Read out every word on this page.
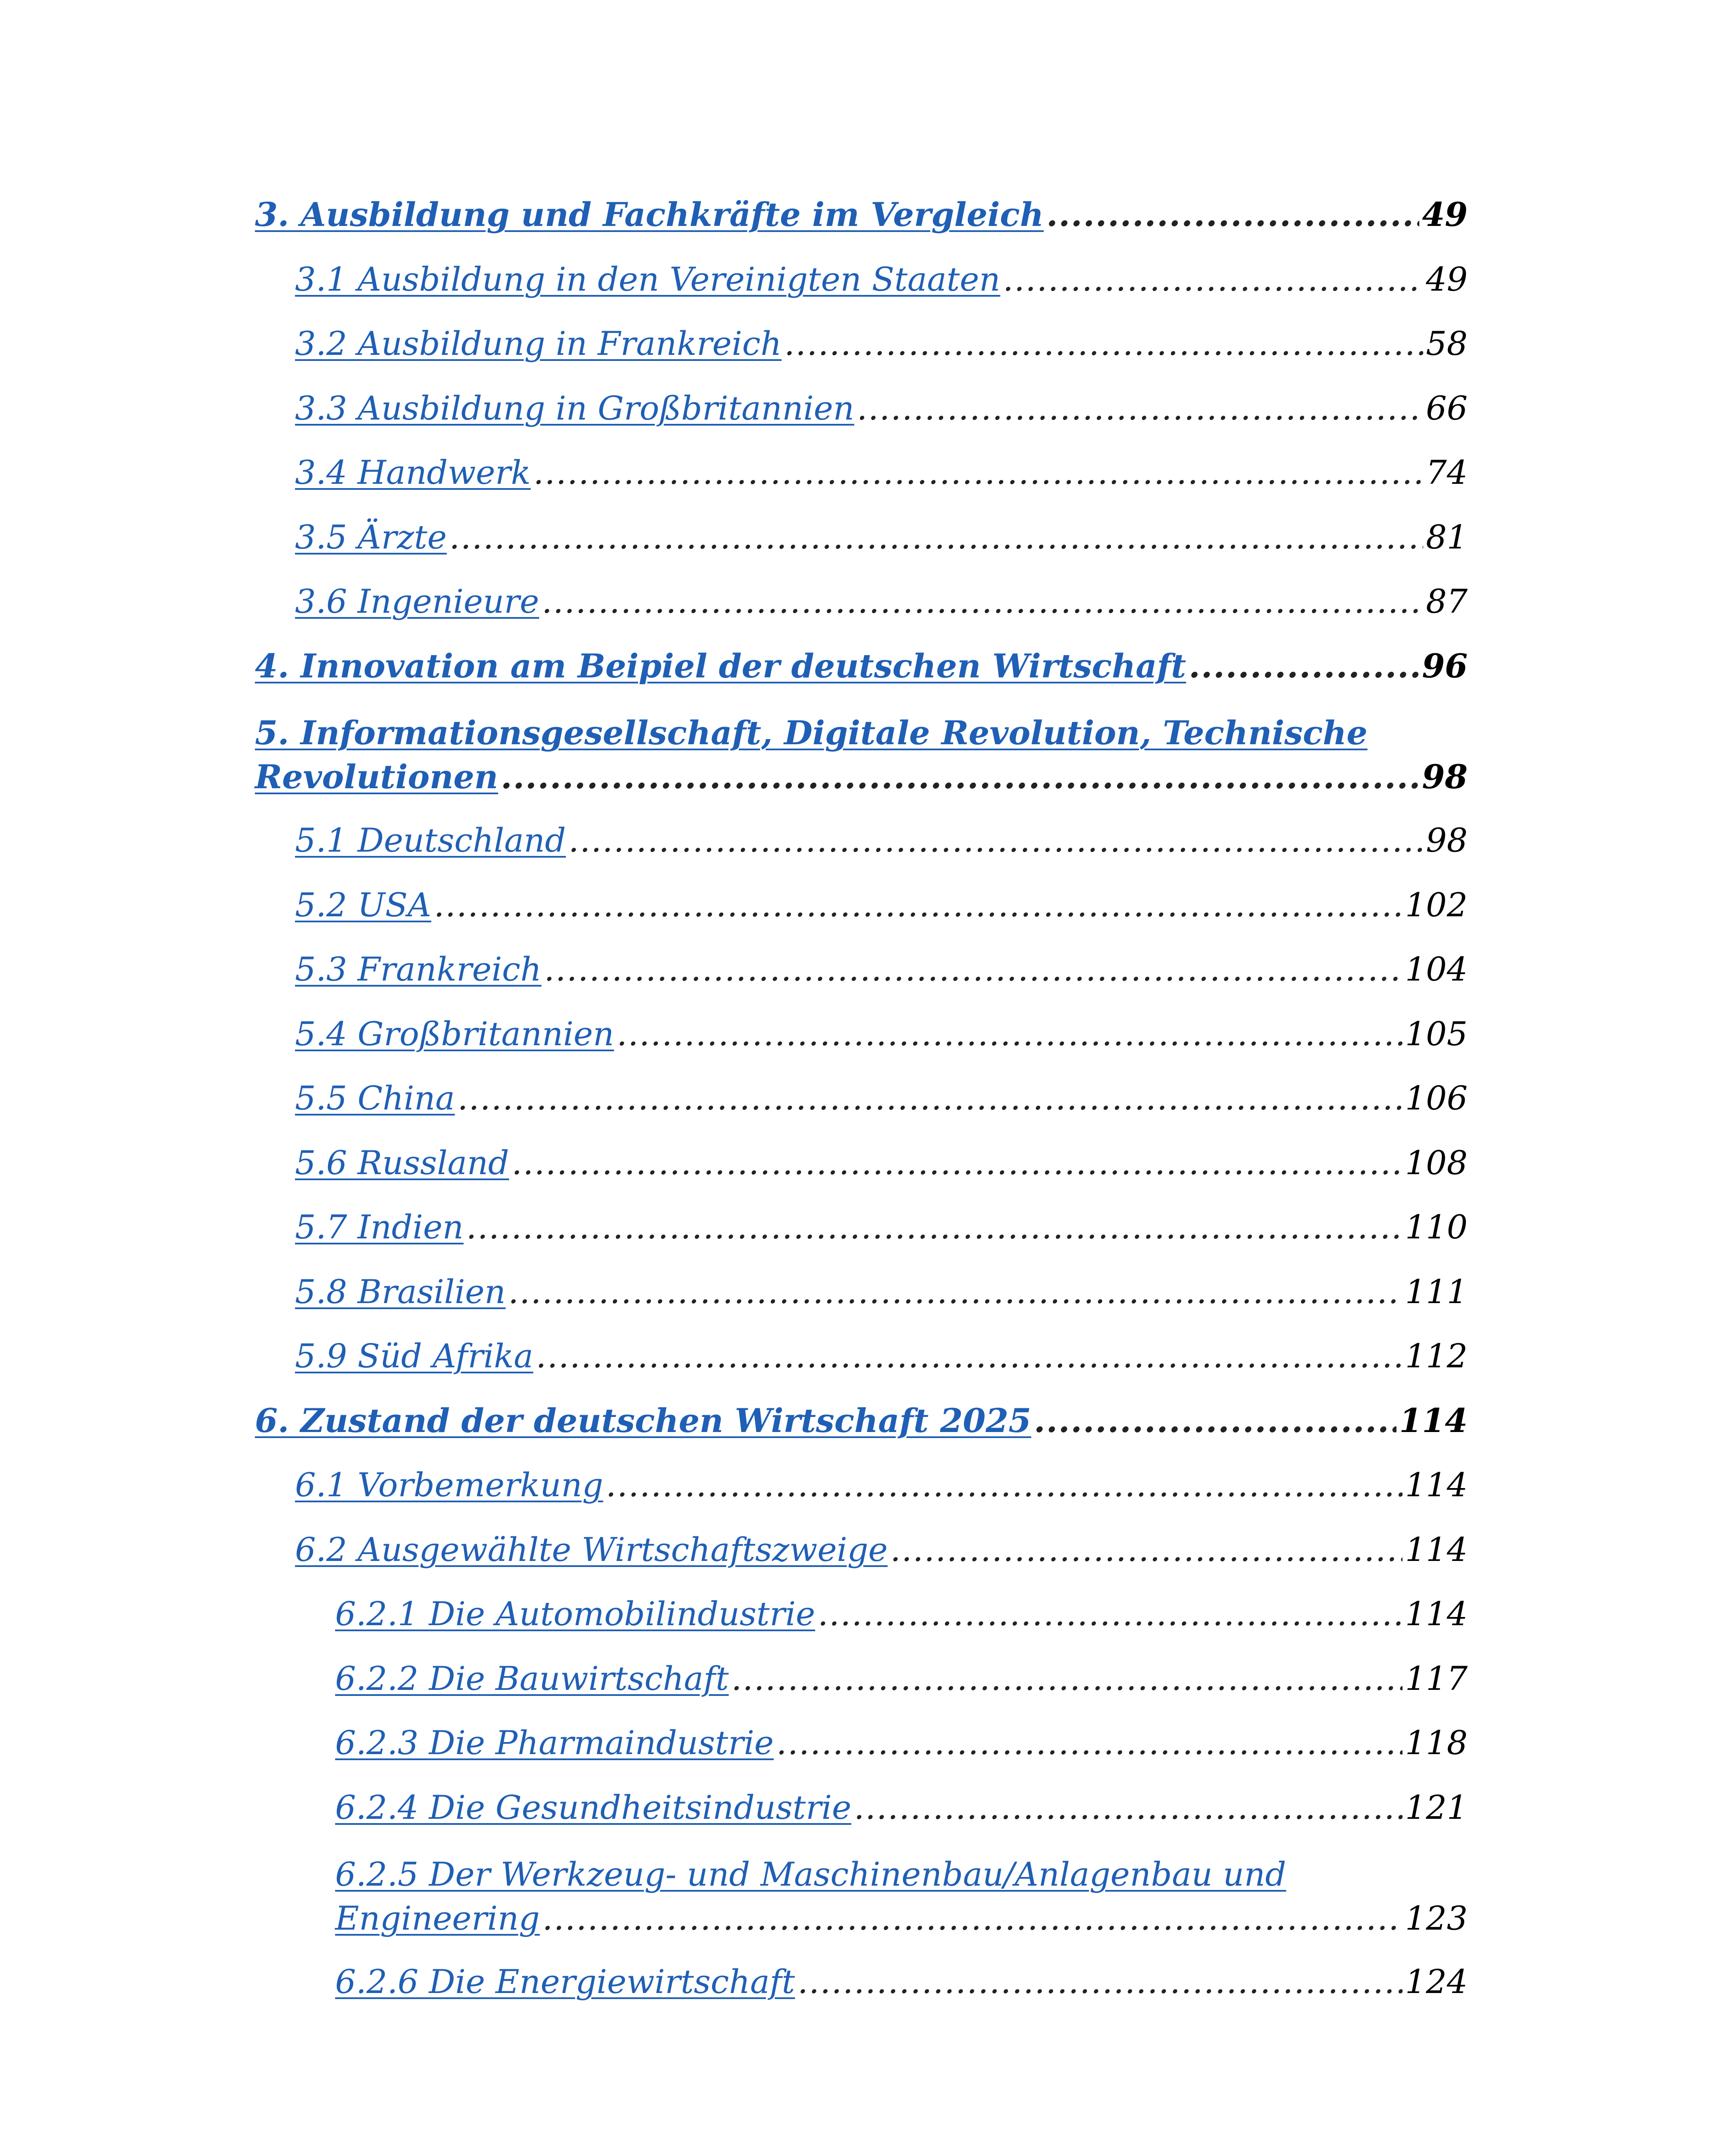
3. Ausbildung und Fachkräfte im Vergleich .....	49
3.1 Ausbildung in den Vereinigten Staaten .....	49
3.2 Ausbildung in Frankreich .....	58
3.3 Ausbildung in Großbritannien .....	66
3.4 Handwerk .....	74
3.5 Ärzte .....	81
3.6 Ingenieure .....	87
4. Innovation am Beipiel der deutschen Wirtschaft .....	96
5. Informationsgesellschaft, Digitale Revolution, Technische
Revolutionen .....	98
5.1 Deutschland .....	98
5.2 USA .....	102
5.3 Frankreich .....	104
5.4 Großbritannien .....	105
5.5 China .....	106
5.6 Russland .....	108
5.7 Indien .....	110
5.8 Brasilien .....	111
5.9 Süd Afrika .....	112
6. Zustand der deutschen Wirtschaft 2025 .....	114
6.1 Vorbemerkung .....	114
6.2 Ausgewählte Wirtschaftszweige .....	114
6.2.1 Die Automobilindustrie .....	114
6.2.2 Die Bauwirtschaft .....	117
6.2.3 Die Pharmaindustrie .....	118
6.2.4 Die Gesundheitsindustrie .....	121
6.2.5 Der Werkzeug- und Maschinenbau/Anlagenbau und
Engineering .....	123
6.2.6 Die Energiewirtschaft .....	124
